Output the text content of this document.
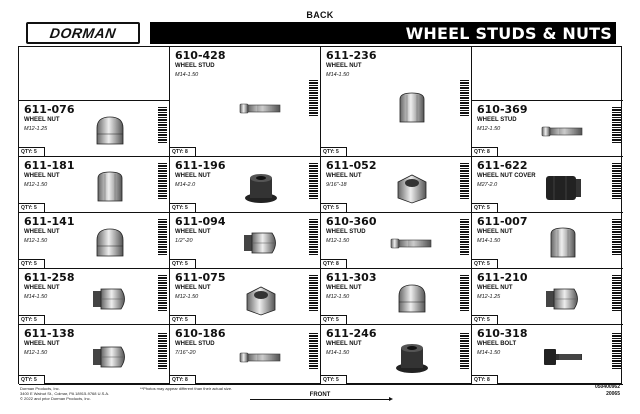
BACK
DORMAN	WHEEL STUDS & NUTS
610-428
WHEEL STUD
M14-1.50
QTY: 8
611-236
WHEEL NUT
M14-1.50
QTY: 5
611-076
WHEEL NUT
M12-1.25
QTY: 5
610-369
WHEEL STUD
M12-1.50
QTY: 8
611-181
WHEEL NUT
M12-1.50
QTY: 5
611-196
WHEEL NUT
M14-2.0
QTY: 5
611-052
WHEEL NUT
9/16"-18
QTY: 5
611-622
WHEEL NUT COVER
M27-2.0
QTY: 5
611-141
WHEEL NUT
M12-1.50
QTY: 5
611-094
WHEEL NUT
1/2"-20
QTY: 5
610-360
WHEEL STUD
M12-1.50
QTY: 8
611-007
WHEEL NUT
M14-1.50
QTY: 5
611-258
WHEEL NUT
M14-1.50
QTY: 5
611-075
WHEEL NUT
M12-1.50
QTY: 5
611-303
WHEEL NUT
M12-1.50
QTY: 5
611-210
WHEEL NUT
M12-1.25
QTY: 5
611-138
WHEEL NUT
M12-1.50
QTY: 5
610-186
WHEEL STUD
7/16"-20
QTY: 8
611-246
WHEEL NUT
M14-1.50
QTY: 5
610-318
WHEEL BOLT
M14-1.50
QTY: 8
Dorman Products, Inc.
3400 E Walnut St., Colmar, PA 18915-9768 U.S.A.
© 2022 and prior Dorman Products, Inc.
**Photos may appear different than their actual size.	050400962
20065
FRONT
